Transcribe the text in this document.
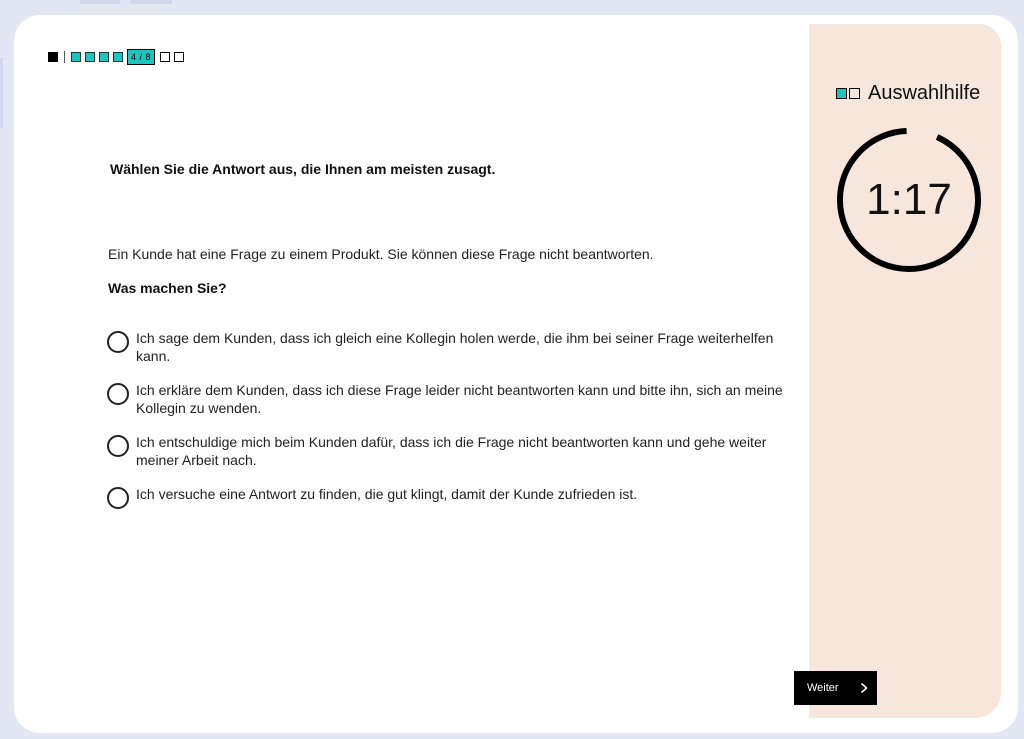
4 / 8
Wählen Sie die Antwort aus, die Ihnen am meisten zusagt.
Ein Kunde hat eine Frage zu einem Produkt. Sie können diese Frage nicht beantworten.
Was machen Sie?
Ich sage dem Kunden, dass ich gleich eine Kollegin holen werde, die ihm bei seiner Frage weiterhelfen kann.
Ich erkläre dem Kunden, dass ich diese Frage leider nicht beantworten kann und bitte ihn, sich an meine Kollegin zu wenden.
Ich entschuldige mich beim Kunden dafür, dass ich die Frage nicht beantworten kann und gehe weiter meiner Arbeit nach.
Ich versuche eine Antwort zu finden, die gut klingt, damit der Kunde zufrieden ist.
Auswahlhilfe
1:17
Weiter
